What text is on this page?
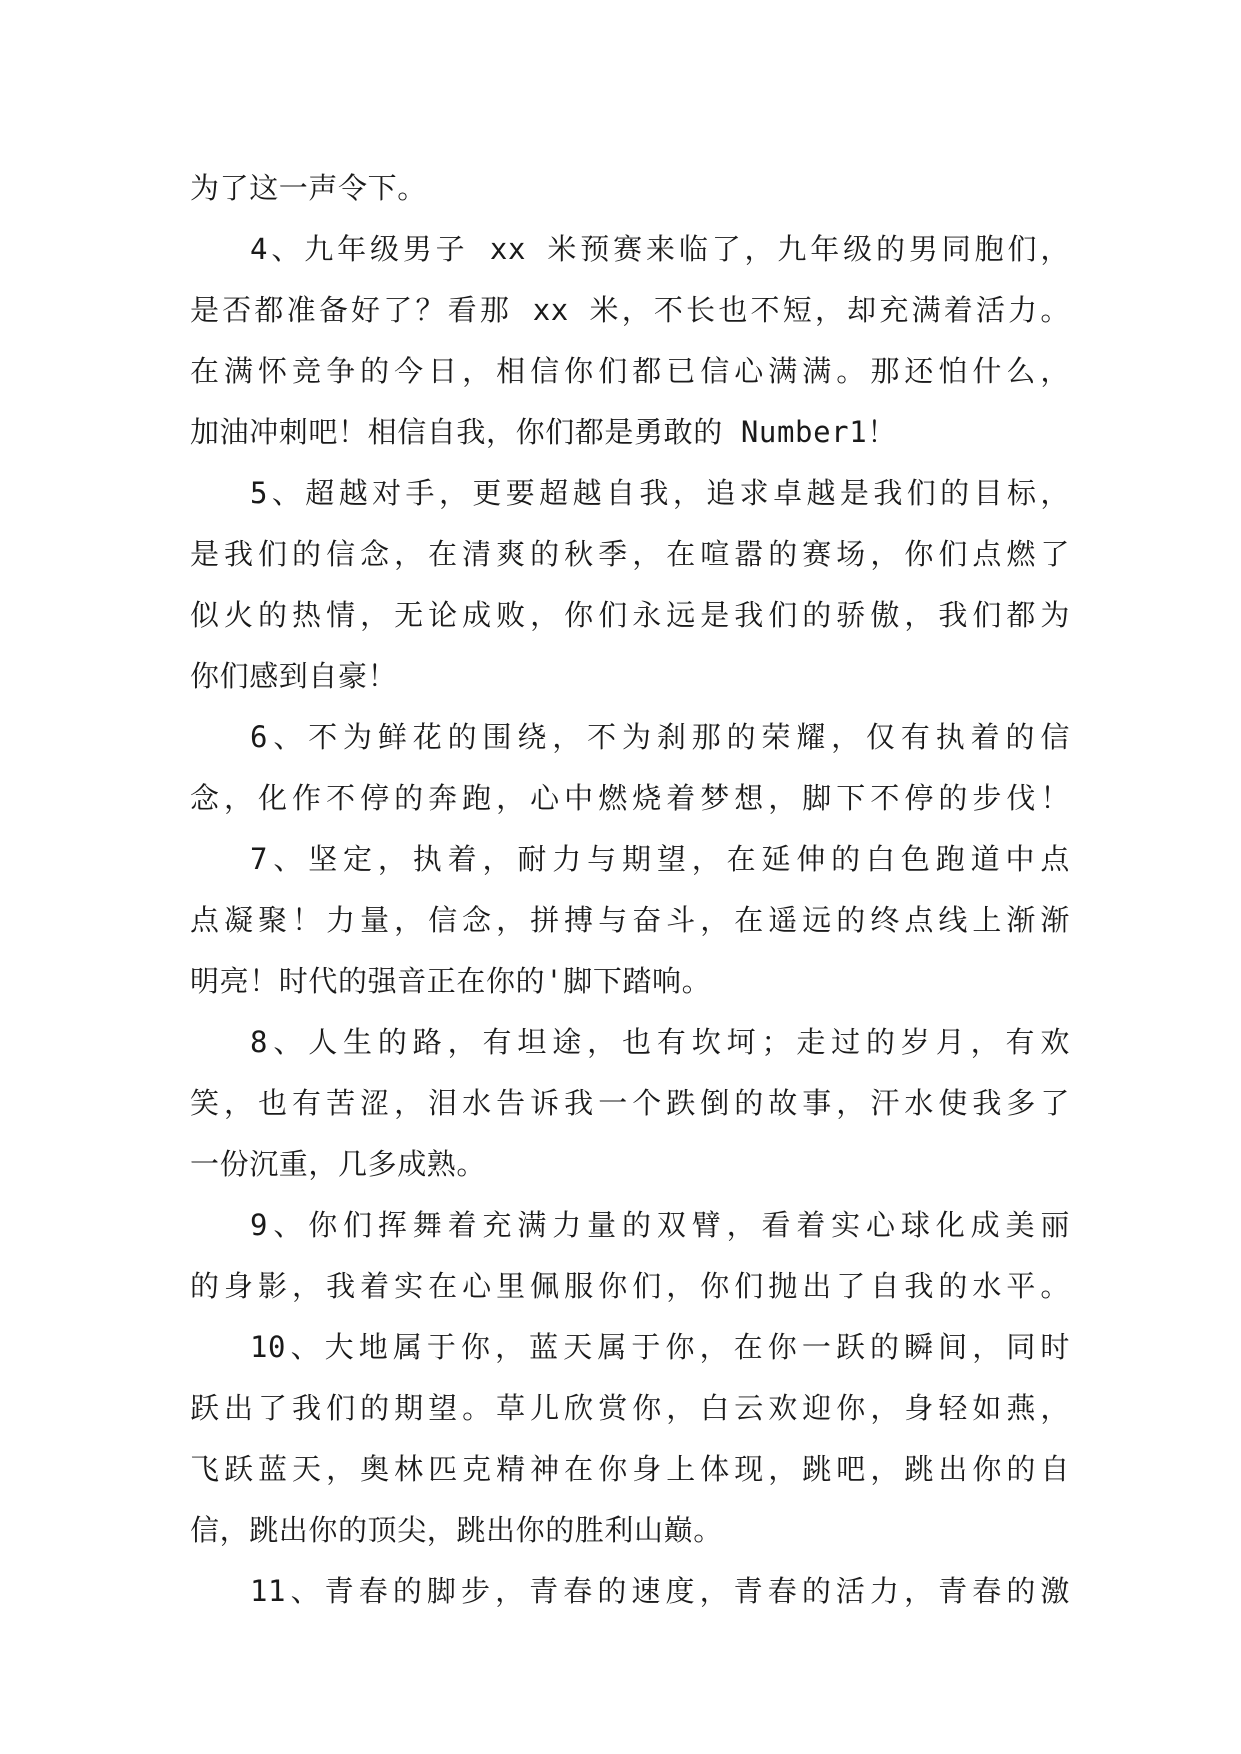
为了这一声令下。
4、九年级男子 xx 米预赛来临了，九年级的男同胞们，
是否都准备好了？看那 xx 米，不长也不短，却充满着活力。
在满怀竞争的今日，相信你们都已信心满满。那还怕什么，
加油冲刺吧！相信自我，你们都是勇敢的 Number1！
5、超越对手，更要超越自我，追求卓越是我们的目标，
是我们的信念，在清爽的秋季，在喧嚣的赛场，你们点燃了
似火的热情，无论成败，你们永远是我们的骄傲，我们都为
你们感到自豪！
6、不为鲜花的围绕，不为刹那的荣耀，仅有执着的信
念，化作不停的奔跑，心中燃烧着梦想，脚下不停的步伐！
7、坚定，执着，耐力与期望，在延伸的白色跑道中点
点凝聚！力量，信念，拼搏与奋斗，在遥远的终点线上渐渐
明亮！时代的强音正在你的'脚下踏响。
8、人生的路，有坦途，也有坎坷；走过的岁月，有欢
笑，也有苦涩，泪水告诉我一个跌倒的故事，汗水使我多了
一份沉重，几多成熟。
9、你们挥舞着充满力量的双臂，看着实心球化成美丽
的身影，我着实在心里佩服你们，你们抛出了自我的水平。
10、大地属于你，蓝天属于你，在你一跃的瞬间，同时
跃出了我们的期望。草儿欣赏你，白云欢迎你，身轻如燕，
飞跃蓝天，奥林匹克精神在你身上体现，跳吧，跳出你的自
信，跳出你的顶尖，跳出你的胜利山巅。
11、青春的脚步，青春的速度，青春的活力，青春的激
